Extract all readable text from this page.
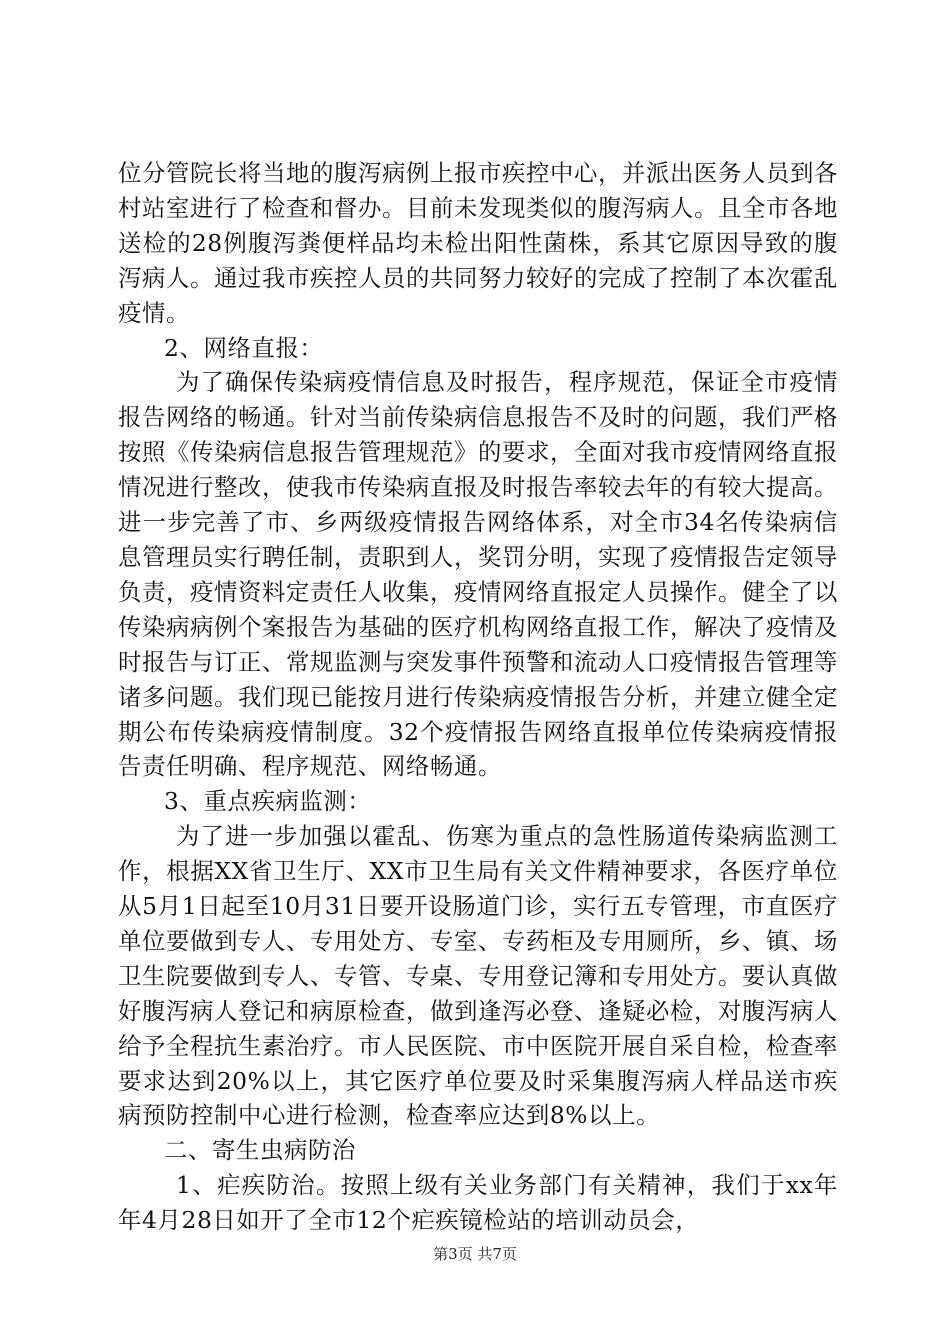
位分管院长将当地的腹泻病例上报市疾控中心，并派出医务人员到各村站室进行了检查和督办。目前未发现类似的腹泻病人。且全市各地送检的28例腹泻粪便样品均未检出阳性菌株，系其它原因导致的腹泻病人。通过我市疾控人员的共同努力较好的完成了控制了本次霍乱疫情。

2、网络直报：

为了确保传染病疫情信息及时报告，程序规范，保证全市疫情报告网络的畅通。针对当前传染病信息报告不及时的问题，我们严格按照《传染病信息报告管理规范》的要求，全面对我市疫情网络直报情况进行整改，使我市传染病直报及时报告率较去年的有较大提高。进一步完善了市、乡两级疫情报告网络体系，对全市34名传染病信息管理员实行聘任制，责职到人，奖罚分明，实现了疫情报告定领导负责，疫情资料定责任人收集，疫情网络直报定人员操作。健全了以传染病病例个案报告为基础的医疗机构网络直报工作，解决了疫情及时报告与订正、常规监测与突发事件预警和流动人口疫情报告管理等诸多问题。我们现已能按月进行传染病疫情报告分析，并建立健全定期公布传染病疫情制度。32个疫情报告网络直报单位传染病疫情报告责任明确、程序规范、网络畅通。

3、重点疾病监测：

为了进一步加强以霍乱、伤寒为重点的急性肠道传染病监测工作，根据XX省卫生厅、XX市卫生局有关文件精神要求，各医疗单位从5月1日起至10月31日要开设肠道门诊，实行五专管理，市直医疗单位要做到专人、专用处方、专室、专药柜及专用厕所，乡、镇、场卫生院要做到专人、专管、专桌、专用登记簿和专用处方。要认真做好腹泻病人登记和病原检查，做到逢泻必登、逢疑必检，对腹泻病人给予全程抗生素治疗。市人民医院、市中医院开展自采自检，检查率要求达到20%以上，其它医疗单位要及时采集腹泻病人样品送市疾病预防控制中心进行检测，检查率应达到8%以上。

二、寄生虫病防治

1、疟疾防治。按照上级有关业务部门有关精神，我们于xx年年4月28日如开了全市12个疟疾镜检站的培训动员会，

第3页 共7页
